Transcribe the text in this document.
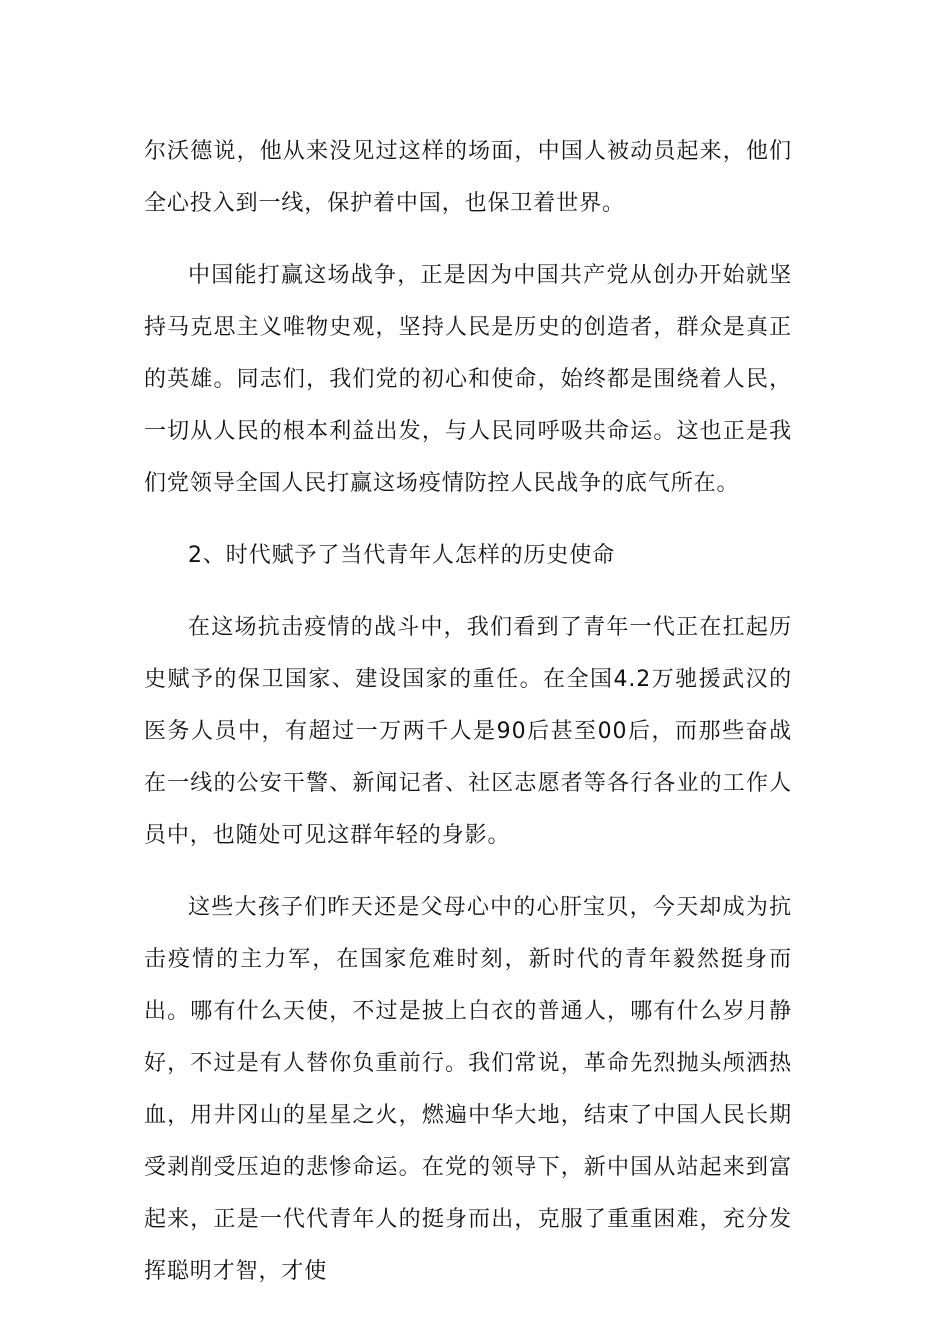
尔沃德说，他从来没见过这样的场面，中国人被动员起来，他们全心投入到一线，保护着中国，也保卫着世界。

中国能打赢这场战争，正是因为中国共产党从创办开始就坚持马克思主义唯物史观，坚持人民是历史的创造者，群众是真正的英雄。同志们，我们党的初心和使命，始终都是围绕着人民，一切从人民的根本利益出发，与人民同呼吸共命运。这也正是我们党领导全国人民打赢这场疫情防控人民战争的底气所在。

2、时代赋予了当代青年人怎样的历史使命

在这场抗击疫情的战斗中，我们看到了青年一代正在扛起历史赋予的保卫国家、建设国家的重任。在全国4.2万驰援武汉的医务人员中，有超过一万两千人是90后甚至00后，而那些奋战在一线的公安干警、新闻记者、社区志愿者等各行各业的工作人员中，也随处可见这群年轻的身影。

这些大孩子们昨天还是父母心中的心肝宝贝，今天却成为抗击疫情的主力军，在国家危难时刻，新时代的青年毅然挺身而出。哪有什么天使，不过是披上白衣的普通人，哪有什么岁月静好，不过是有人替你负重前行。我们常说，革命先烈抛头颅洒热血，用井冈山的星星之火，燃遍中华大地，结束了中国人民长期受剥削受压迫的悲惨命运。在党的领导下，新中国从站起来到富起来，正是一代代青年人的挺身而出，克服了重重困难，充分发挥聪明才智，才使
